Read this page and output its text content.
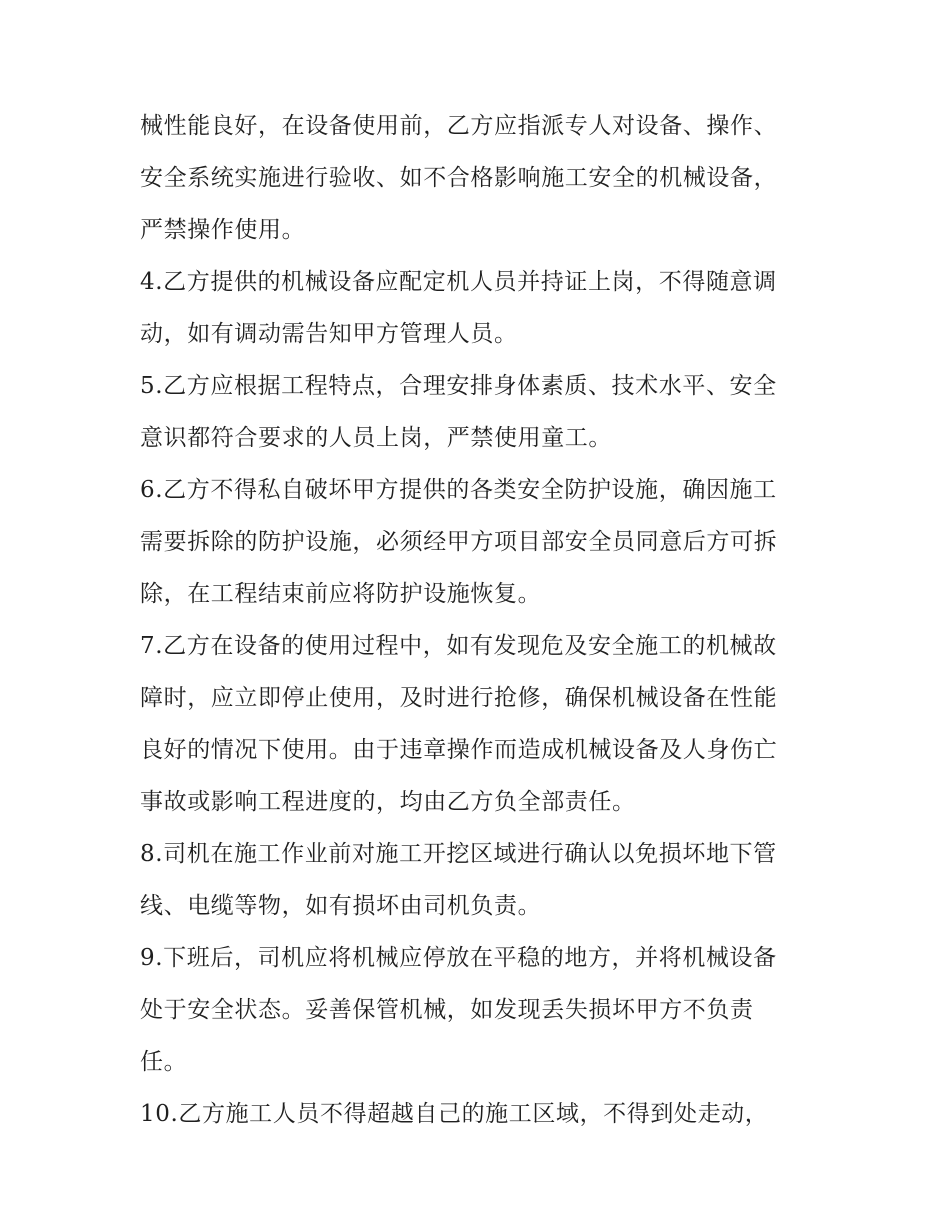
械性能良好，在设备使用前，乙方应指派专人对设备、操作、
安全系统实施进行验收、如不合格影响施工安全的机械设备，
严禁操作使用。
4.乙方提供的机械设备应配定机人员并持证上岗，不得随意调
动，如有调动需告知甲方管理人员。
5.乙方应根据工程特点，合理安排身体素质、技术水平、安全
意识都符合要求的人员上岗，严禁使用童工。
6.乙方不得私自破坏甲方提供的各类安全防护设施，确因施工
需要拆除的防护设施，必须经甲方项目部安全员同意后方可拆
除，在工程结束前应将防护设施恢复。
7.乙方在设备的使用过程中，如有发现危及安全施工的机械故
障时，应立即停止使用，及时进行抢修，确保机械设备在性能
良好的情况下使用。由于违章操作而造成机械设备及人身伤亡
事故或影响工程进度的，均由乙方负全部责任。
8.司机在施工作业前对施工开挖区域进行确认以免损坏地下管
线、电缆等物，如有损坏由司机负责。
9.下班后，司机应将机械应停放在平稳的地方，并将机械设备
处于安全状态。妥善保管机械，如发现丢失损坏甲方不负责
任。
10.乙方施工人员不得超越自己的施工区域，不得到处走动，
